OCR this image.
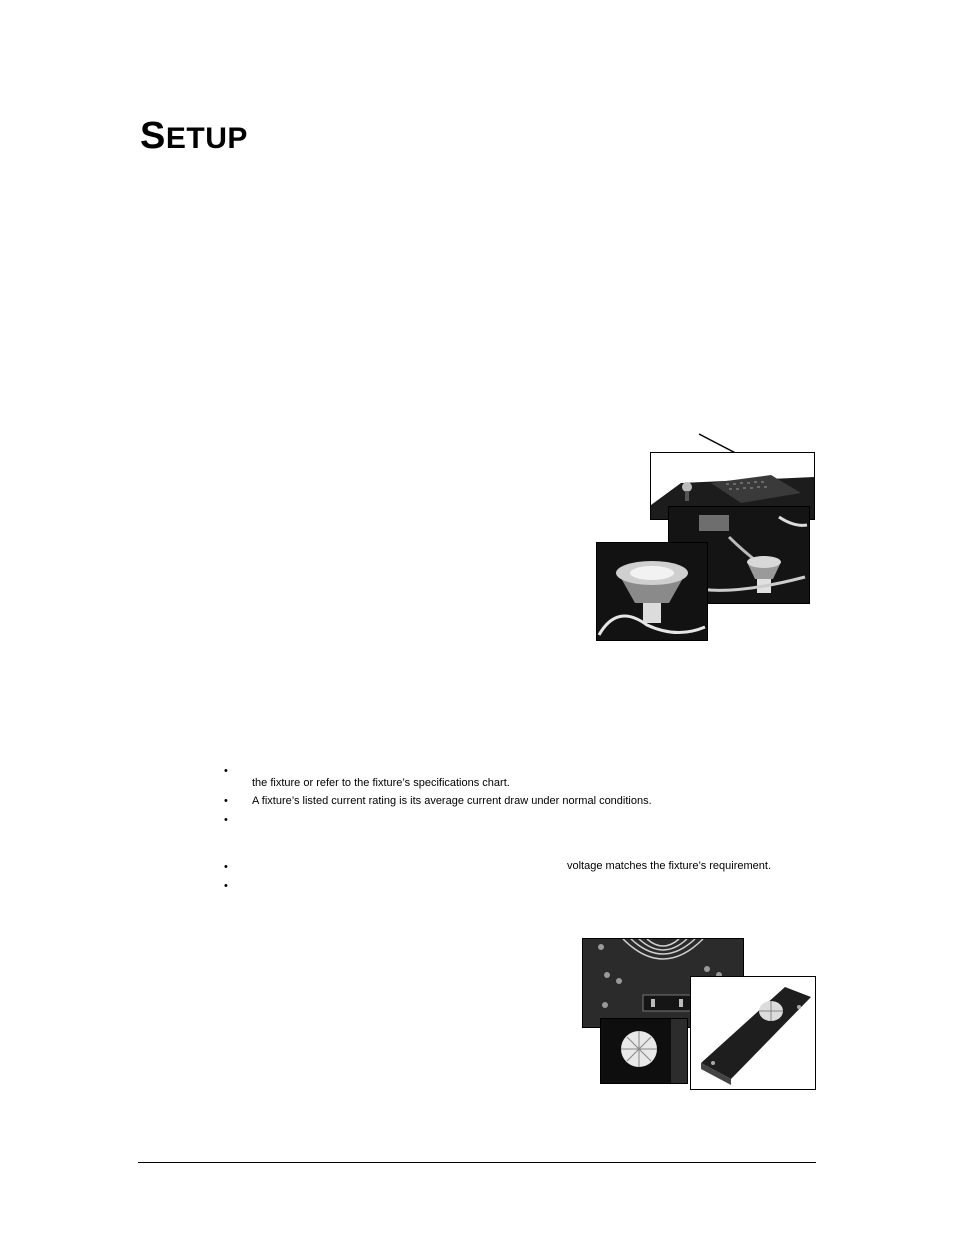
SETUP
•
the fixture or refer to the fixture’s specifications chart.
•	A fixture’s listed current rating is its average current draw under normal conditions.
•
•	voltage matches the fixture’s requirement.
•
